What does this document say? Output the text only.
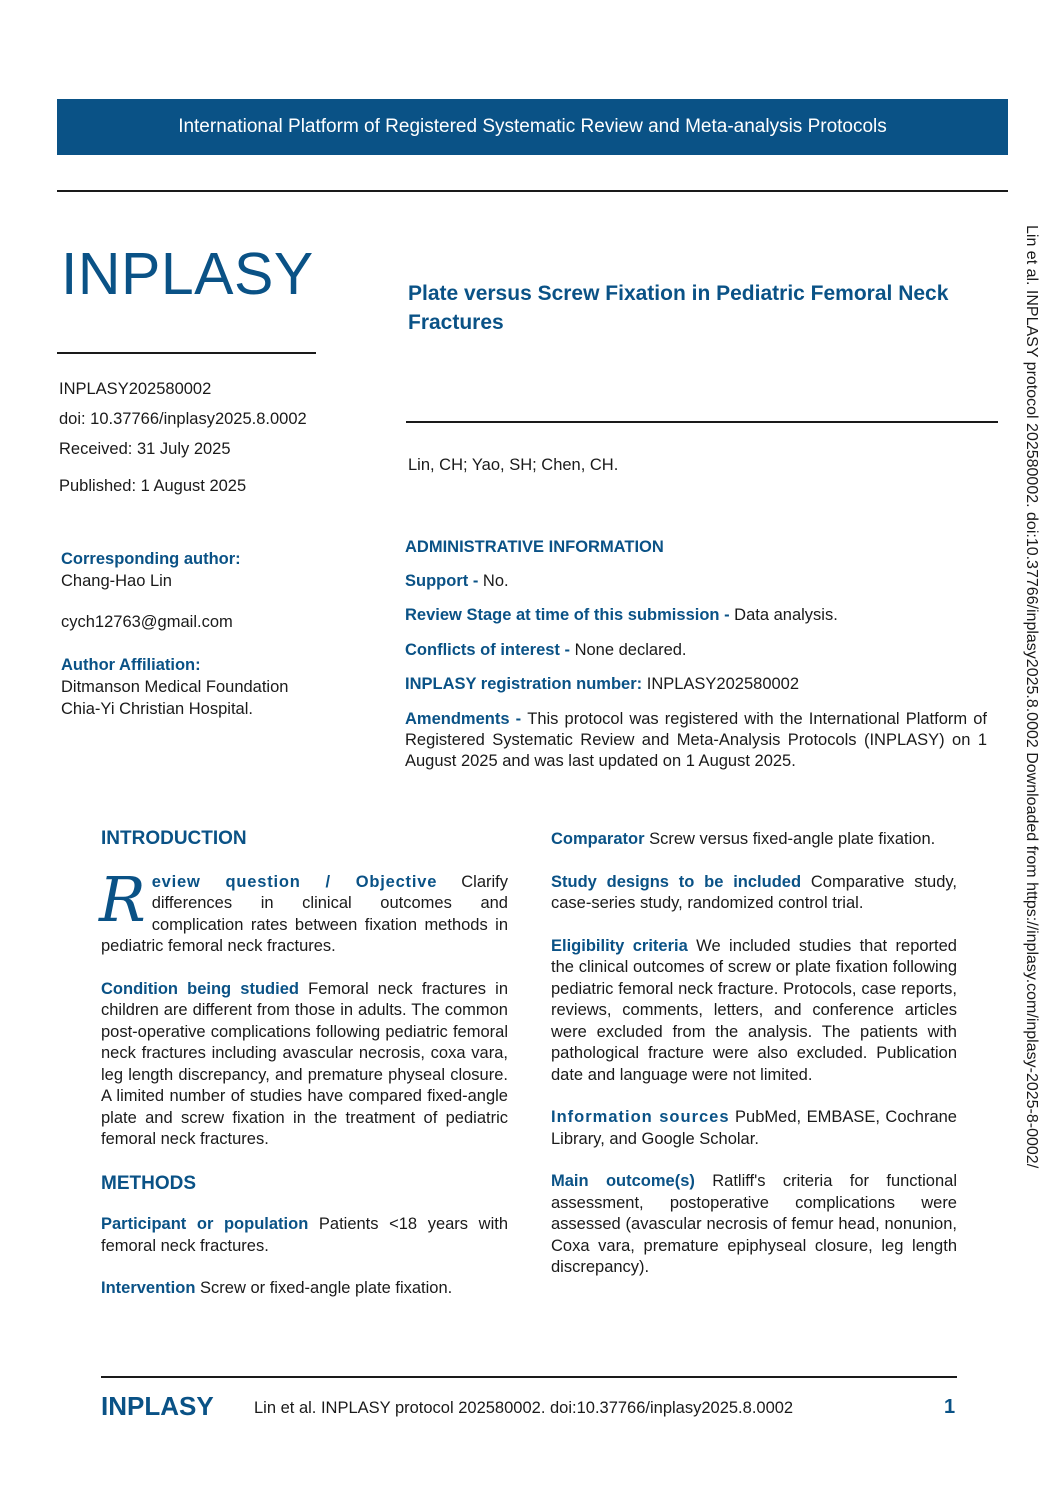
International Platform of Registered Systematic Review and Meta-analysis Protocols
INPLASY	Plate versus Screw Fixation in Pediatric Femoral Neck Fractures
INPLASY202580002
doi: 10.37766/inplasy2025.8.0002
Received: 31 July 2025
Published: 1 August 2025
Lin, CH; Yao, SH; Chen, CH.
Corresponding author:
Chang-Hao Lin
cych12763@gmail.com
Author Affiliation:
Ditmanson Medical Foundation
Chia-Yi Christian Hospital.
ADMINISTRATIVE INFORMATION
Support - No.
Review Stage at time of this submission - Data analysis.
Conflicts of interest - None declared.
INPLASY registration number: INPLASY202580002
Amendments - This protocol was registered with the International Platform of Registered Systematic Review and Meta-Analysis Protocols (INPLASY) on 1 August 2025 and was last updated on 1 August 2025.	Lin et al. INPLASY protocol 202580002. doi:10.37766/inplasy2025.8.0002 Downloaded from https://inplasy.com/inplasy-2025-8-0002/
INTRODUCTION

Review question / Objective Clarify differences in clinical outcomes and complication rates between fixation methods in pediatric femoral neck fractures.

Condition being studied Femoral neck fractures in children are different from those in adults. The common post-operative complications following pediatric femoral neck fractures including avascular necrosis, coxa vara, leg length discrepancy, and premature physeal closure. A limited number of studies have compared fixed-angle plate and screw fixation in the treatment of pediatric femoral neck fractures.

METHODS

Participant or population Patients <18 years with femoral neck fractures.

Intervention Screw or fixed-angle plate fixation.

Comparator Screw versus fixed-angle plate fixation.

Study designs to be included Comparative study, case-series study, randomized control trial.

Eligibility criteria We included studies that reported the clinical outcomes of screw or plate fixation following pediatric femoral neck fracture. Protocols, case reports, reviews, comments, letters, and conference articles were excluded from the analysis. The patients with pathological fracture were also excluded. Publication date and language were not limited.

Information sources PubMed, EMBASE, Cochrane Library, and Google Scholar.

Main outcome(s) Ratliff's criteria for functional assessment, postoperative complications were assessed (avascular necrosis of femur head, nonunion, Coxa vara, premature epiphyseal closure, leg length discrepancy).

INPLASY Lin et al. INPLASY protocol 202580002. doi:10.37766/inplasy2025.8.0002	1
